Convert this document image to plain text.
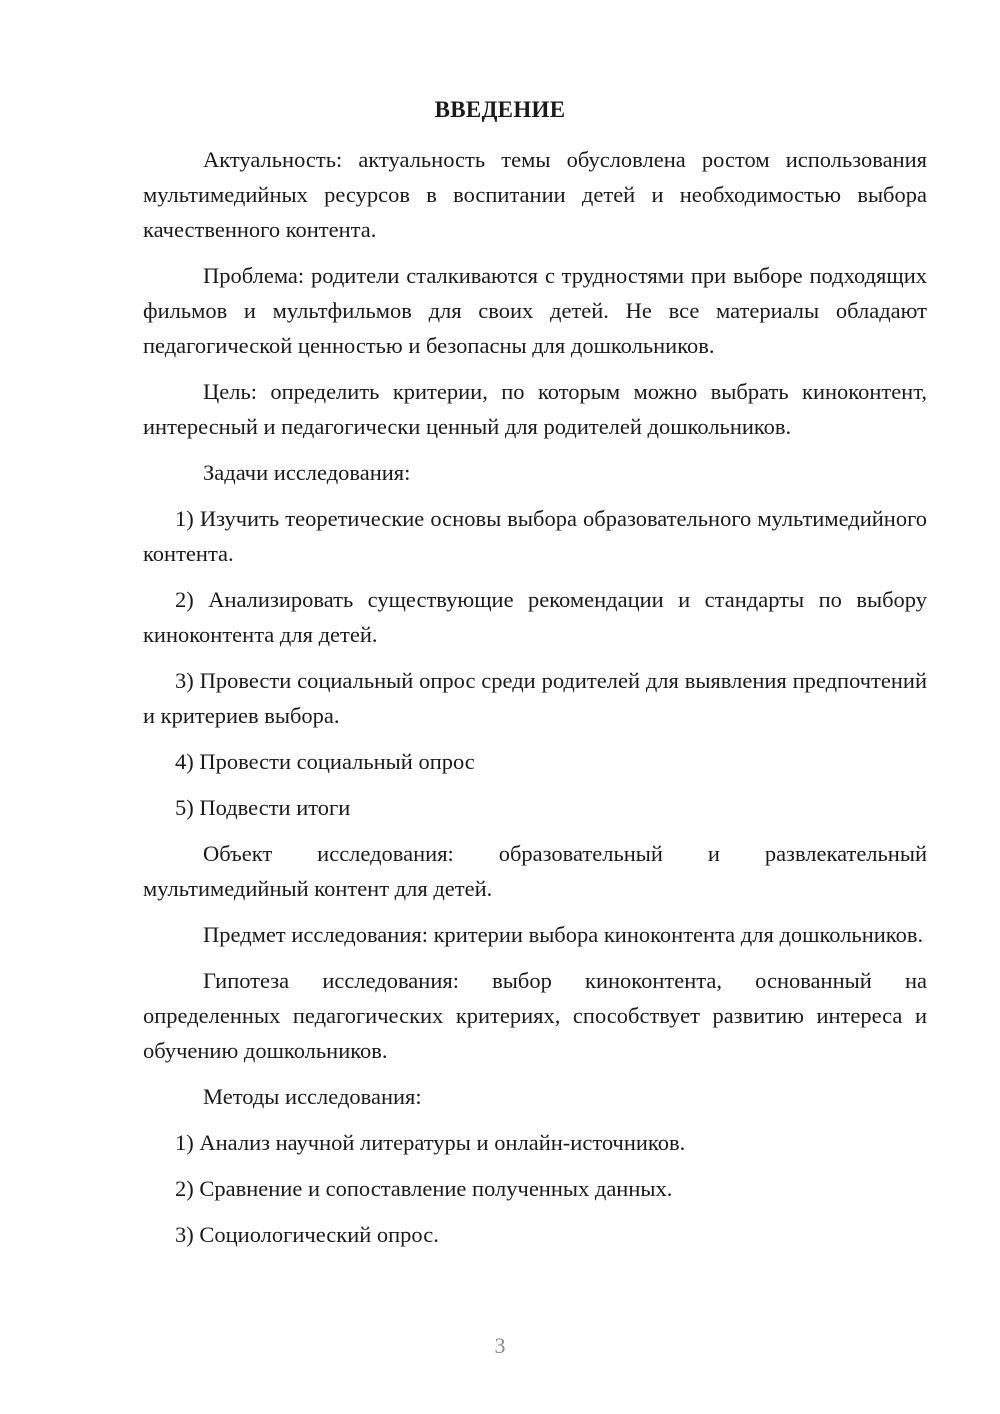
ВВЕДЕНИЕ

Актуальность: актуальность темы обусловлена ростом использования мультимедийных ресурсов в воспитании детей и необходимостью выбора качественного контента.

Проблема: родители сталкиваются с трудностями при выборе подходящих фильмов и мультфильмов для своих детей. Не все материалы обладают педагогической ценностью и безопасны для дошкольников.

Цель: определить критерии, по которым можно выбрать киноконтент, интересный и педагогически ценный для родителей дошкольников.

Задачи исследования:

1) Изучить теоретические основы выбора образовательного мультимедийного контента.

2) Анализировать существующие рекомендации и стандарты по выбору киноконтента для детей.

3) Провести социальный опрос среди родителей для выявления предпочтений и критериев выбора.

4) Провести социальный опрос

5) Подвести итоги

Объект исследования: образовательный и развлекательный мультимедийный контент для детей.

Предмет исследования: критерии выбора киноконтента для дошкольников.

Гипотеза исследования: выбор киноконтента, основанный на определенных педагогических критериях, способствует развитию интереса и обучению дошкольников.

Методы исследования:

1) Анализ научной литературы и онлайн-источников.

2) Сравнение и сопоставление полученных данных.

3) Социологический опрос.

3
